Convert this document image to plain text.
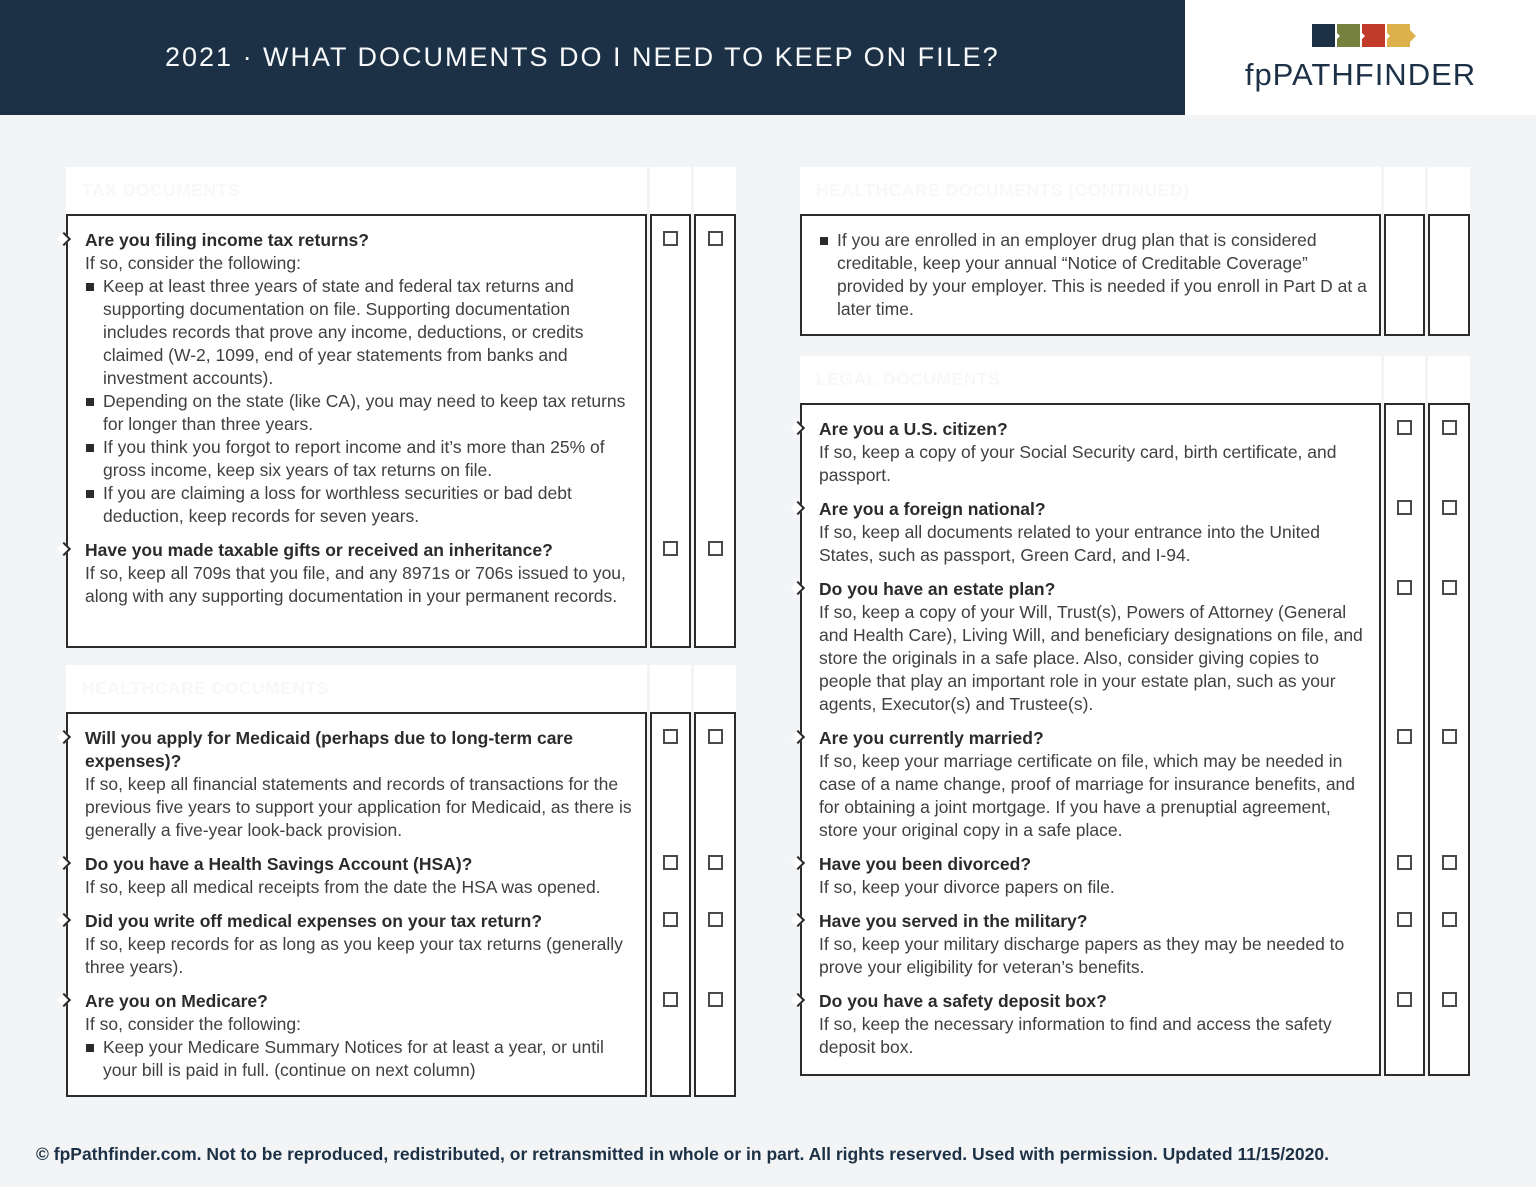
2021 · WHAT DOCUMENTS DO I NEED TO KEEP ON FILE?	fpPATHFINDER
TAX DOCUMENTS	YES	NO
Are you filing income tax returns?
If so, consider the following:
Keep at least three years of state and federal tax returns and supporting documentation on file. Supporting documentation includes records that prove any income, deductions, or credits claimed (W-2, 1099, end of year statements from banks and investment accounts).
Depending on the state (like CA), you may need to keep tax returns for longer than three years.
If you think you forgot to report income and it’s more than 25% of gross income, keep six years of tax returns on file.
If you are claiming a loss for worthless securities or bad debt deduction, keep records for seven years.
Have you made taxable gifts or received an inheritance?
If so, keep all 709s that you file, and any 8971s or 706s issued to you, along with any supporting documentation in your permanent records.
HEALTHCARE DOCUMENTS	YES	NO
Will you apply for Medicaid (perhaps due to long-term care expenses)?
If so, keep all financial statements and records of transactions for the previous five years to support your application for Medicaid, as there is generally a five-year look-back provision.
Do you have a Health Savings Account (HSA)?
If so, keep all medical receipts from the date the HSA was opened.
Did you write off medical expenses on your tax return?
If so, keep records for as long as you keep your tax returns (generally three years).
Are you on Medicare?
If so, consider the following:
Keep your Medicare Summary Notices for at least a year, or until your bill is paid in full. (continue on next column)
HEALTHCARE DOCUMENTS (CONTINUED)	YES	NO
If you are enrolled in an employer drug plan that is considered creditable, keep your annual “Notice of Creditable Coverage” provided by your employer. This is needed if you enroll in Part D at a later time.
LEGAL DOCUMENTS	YES	NO
Are you a U.S. citizen?
If so, keep a copy of your Social Security card, birth certificate, and passport.
Are you a foreign national?
If so, keep all documents related to your entrance into the United States, such as passport, Green Card, and I-94.
Do you have an estate plan?
If so, keep a copy of your Will, Trust(s), Powers of Attorney (General and Health Care), Living Will, and beneficiary designations on file, and store the originals in a safe place. Also, consider giving copies to people that play an important role in your estate plan, such as your agents, Executor(s) and Trustee(s).
Are you currently married?
If so, keep your marriage certificate on file, which may be needed in case of a name change, proof of marriage for insurance benefits, and for obtaining a joint mortgage. If you have a prenuptial agreement, store your original copy in a safe place.
Have you been divorced?
If so, keep your divorce papers on file.
Have you served in the military?
If so, keep your military discharge papers as they may be needed to prove your eligibility for veteran’s benefits.
Do you have a safety deposit box?
If so, keep the necessary information to find and access the safety deposit box.
© fpPathfinder.com. Not to be reproduced, redistributed, or retransmitted in whole or in part. All rights reserved. Used with permission. Updated 11/15/2020.
